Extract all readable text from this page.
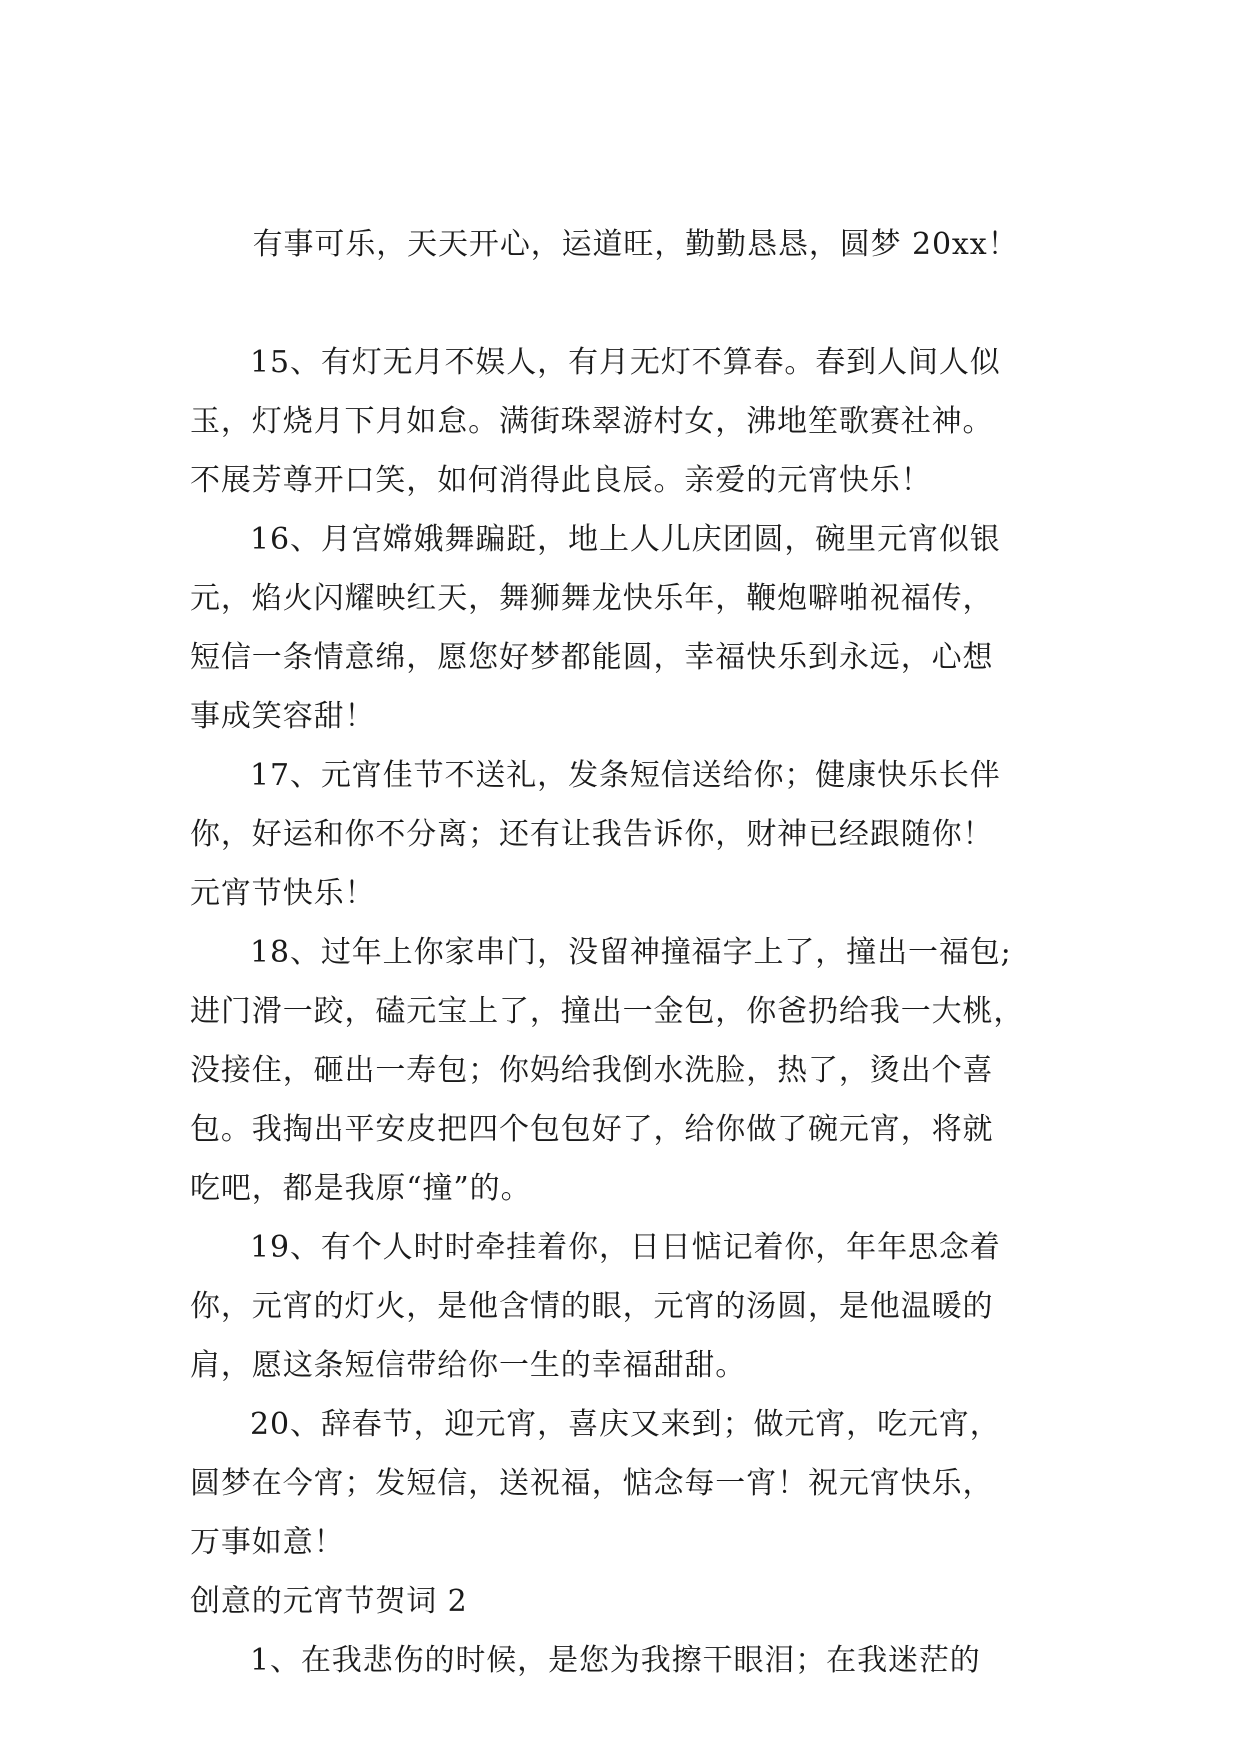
有事可乐，天天开心，运道旺，勤勤恳恳，圆梦 20xx！

15、有灯无月不娱人，有月无灯不算春。春到人间人似
玉，灯烧月下月如怠。满街珠翠游村女，沸地笙歌赛社神。
不展芳尊开口笑，如何消得此良辰。亲爱的元宵快乐！

16、月宫嫦娥舞蹁跹，地上人儿庆团圆，碗里元宵似银
元，焰火闪耀映红天，舞狮舞龙快乐年，鞭炮噼啪祝福传，
短信一条情意绵，愿您好梦都能圆，幸福快乐到永远，心想
事成笑容甜！

17、元宵佳节不送礼，发条短信送给你；健康快乐长伴
你，好运和你不分离；还有让我告诉你，财神已经跟随你！
元宵节快乐！

18、过年上你家串门，没留神撞福字上了，撞出一福包;
进门滑一跤，磕元宝上了，撞出一金包，你爸扔给我一大桃，
没接住，砸出一寿包；你妈给我倒水洗脸，热了，烫出个喜
包。我掏出平安皮把四个包包好了，给你做了碗元宵，将就
吃吧，都是我原“撞”的。

19、有个人时时牵挂着你，日日惦记着你，年年思念着
你，元宵的灯火，是他含情的眼，元宵的汤圆，是他温暖的
肩，愿这条短信带给你一生的幸福甜甜。

20、辞春节，迎元宵，喜庆又来到；做元宵，吃元宵，
圆梦在今宵；发短信，送祝福，惦念每一宵！祝元宵快乐，
万事如意！

创意的元宵节贺词 2

1、在我悲伤的时候，是您为我擦干眼泪；在我迷茫的
